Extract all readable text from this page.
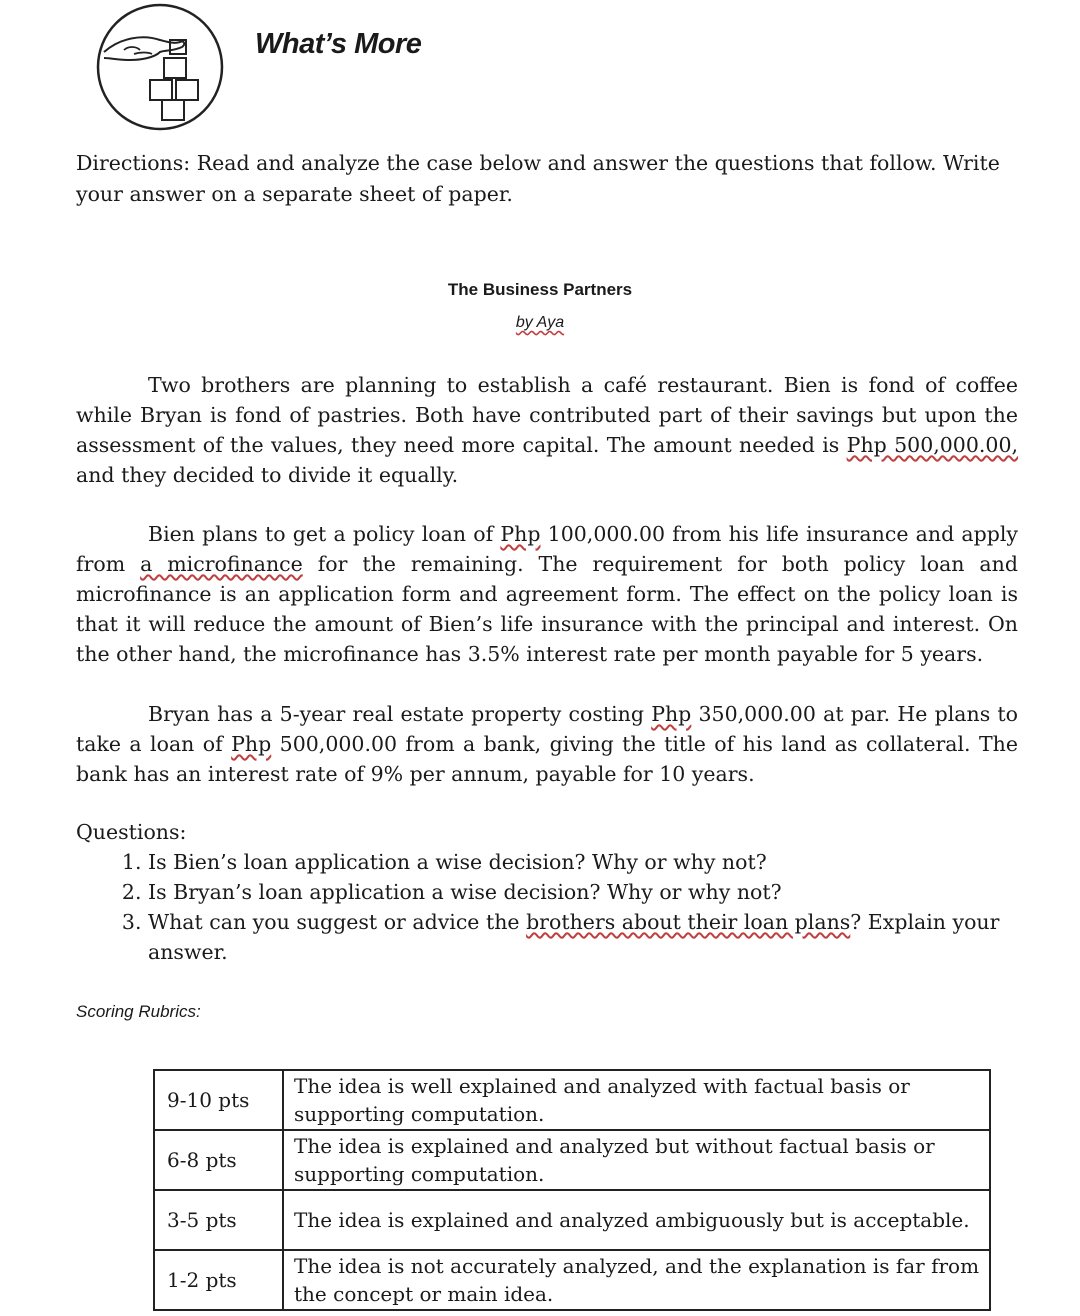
What’s More
Directions: Read and analyze the case below and answer the questions that follow. Write your answer on a separate sheet of paper.
The Business Partners
by Aya

Two brothers are planning to establish a café restaurant. Bien is fond of coffee while Bryan is fond of pastries. Both have contributed part of their savings but upon the assessment of the values, they need more capital. The amount needed is Php 500,000.00, and they decided to divide it equally.

Bien plans to get a policy loan of Php 100,000.00 from his life insurance and apply from a microfinance for the remaining. The requirement for both policy loan and microfinance is an application form and agreement form. The effect on the policy loan is that it will reduce the amount of Bien’s life insurance with the principal and interest. On the other hand, the microfinance has 3.5% interest rate per month payable for 5 years.

Bryan has a 5-year real estate property costing Php 350,000.00 at par. He plans to take a loan of Php 500,000.00 from a bank, giving the title of his land as collateral. The bank has an interest rate of 9% per annum, payable for 10 years.

Questions:
1. Is Bien’s loan application a wise decision? Why or why not?
2. Is Bryan’s loan application a wise decision? Why or why not?
3. What can you suggest or advice the brothers about their loan plans? Explain your answer.
Scoring Rubrics:
9-10 pts	The idea is well explained and analyzed with factual basis or supporting computation.
6-8 pts	The idea is explained and analyzed but without factual basis or supporting computation.
3-5 pts	The idea is explained and analyzed ambiguously but is acceptable.
1-2 pts	The idea is not accurately analyzed, and the explanation is far from the concept or main idea.
